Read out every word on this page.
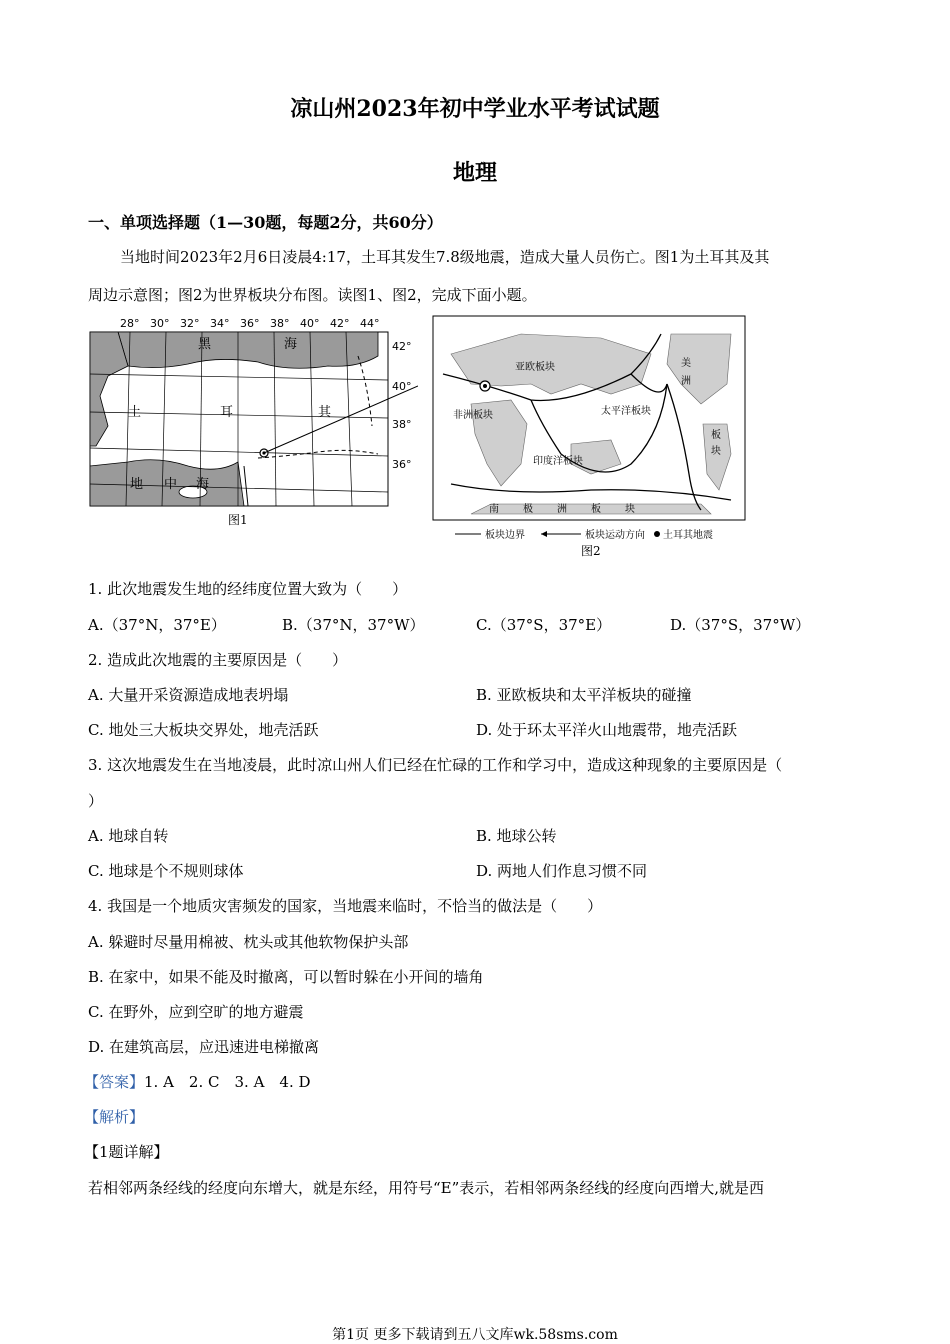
凉山州2023年初中学业水平考试试题
地理
一、单项选择题（1—30题，每题2分，共60分）
当地时间2023年2月6日凌晨4:17，土耳其发生7.8级地震，造成大量人员伤亡。图1为土耳其及其
周边示意图；图2为世界板块分布图。读图1、图2，完成下面小题。
28° 30° 32° 34° 36° 38° 40° 42° 44°
42°
40°
38°
36°
黑	海
地 中 海
土	耳	其
图1
亚欧板块
非洲板块	太平洋板块
印度洋板块
美
洲
板
块
南 极 洲 板 块
板块边界	板块运动方向 土耳其地震
图2
1. 此次地震发生地的经纬度位置大致为（　　）
A.（37°N，37°E）	B.（37°N，37°W）	C.（37°S，37°E）	D.（37°S，37°W）
2. 造成此次地震的主要原因是（　　）
A. 大量开采资源造成地表坍塌	B. 亚欧板块和太平洋板块的碰撞
C. 地处三大板块交界处，地壳活跃	D. 处于环太平洋火山地震带，地壳活跃
3. 这次地震发生在当地凌晨，此时凉山州人们已经在忙碌的工作和学习中，造成这种现象的主要原因是（
）
A. 地球自转	B. 地球公转
C. 地球是个不规则球体	D. 两地人们作息习惯不同
4. 我国是一个地质灾害频发的国家，当地震来临时，不恰当的做法是（　　）
A. 躲避时尽量用棉被、枕头或其他软物保护头部
B. 在家中，如果不能及时撤离，可以暂时躲在小开间的墙角
C. 在野外，应到空旷的地方避震
D. 在建筑高层，应迅速进电梯撤离
【答案】1. A　2. C　3. A　4. D
【解析】
【1题详解】
若相邻两条经线的经度向东增大，就是东经，用符号“E”表示，若相邻两条经线的经度向西增大,就是西
第1页 更多下载请到五八文库wk.58sms.com
